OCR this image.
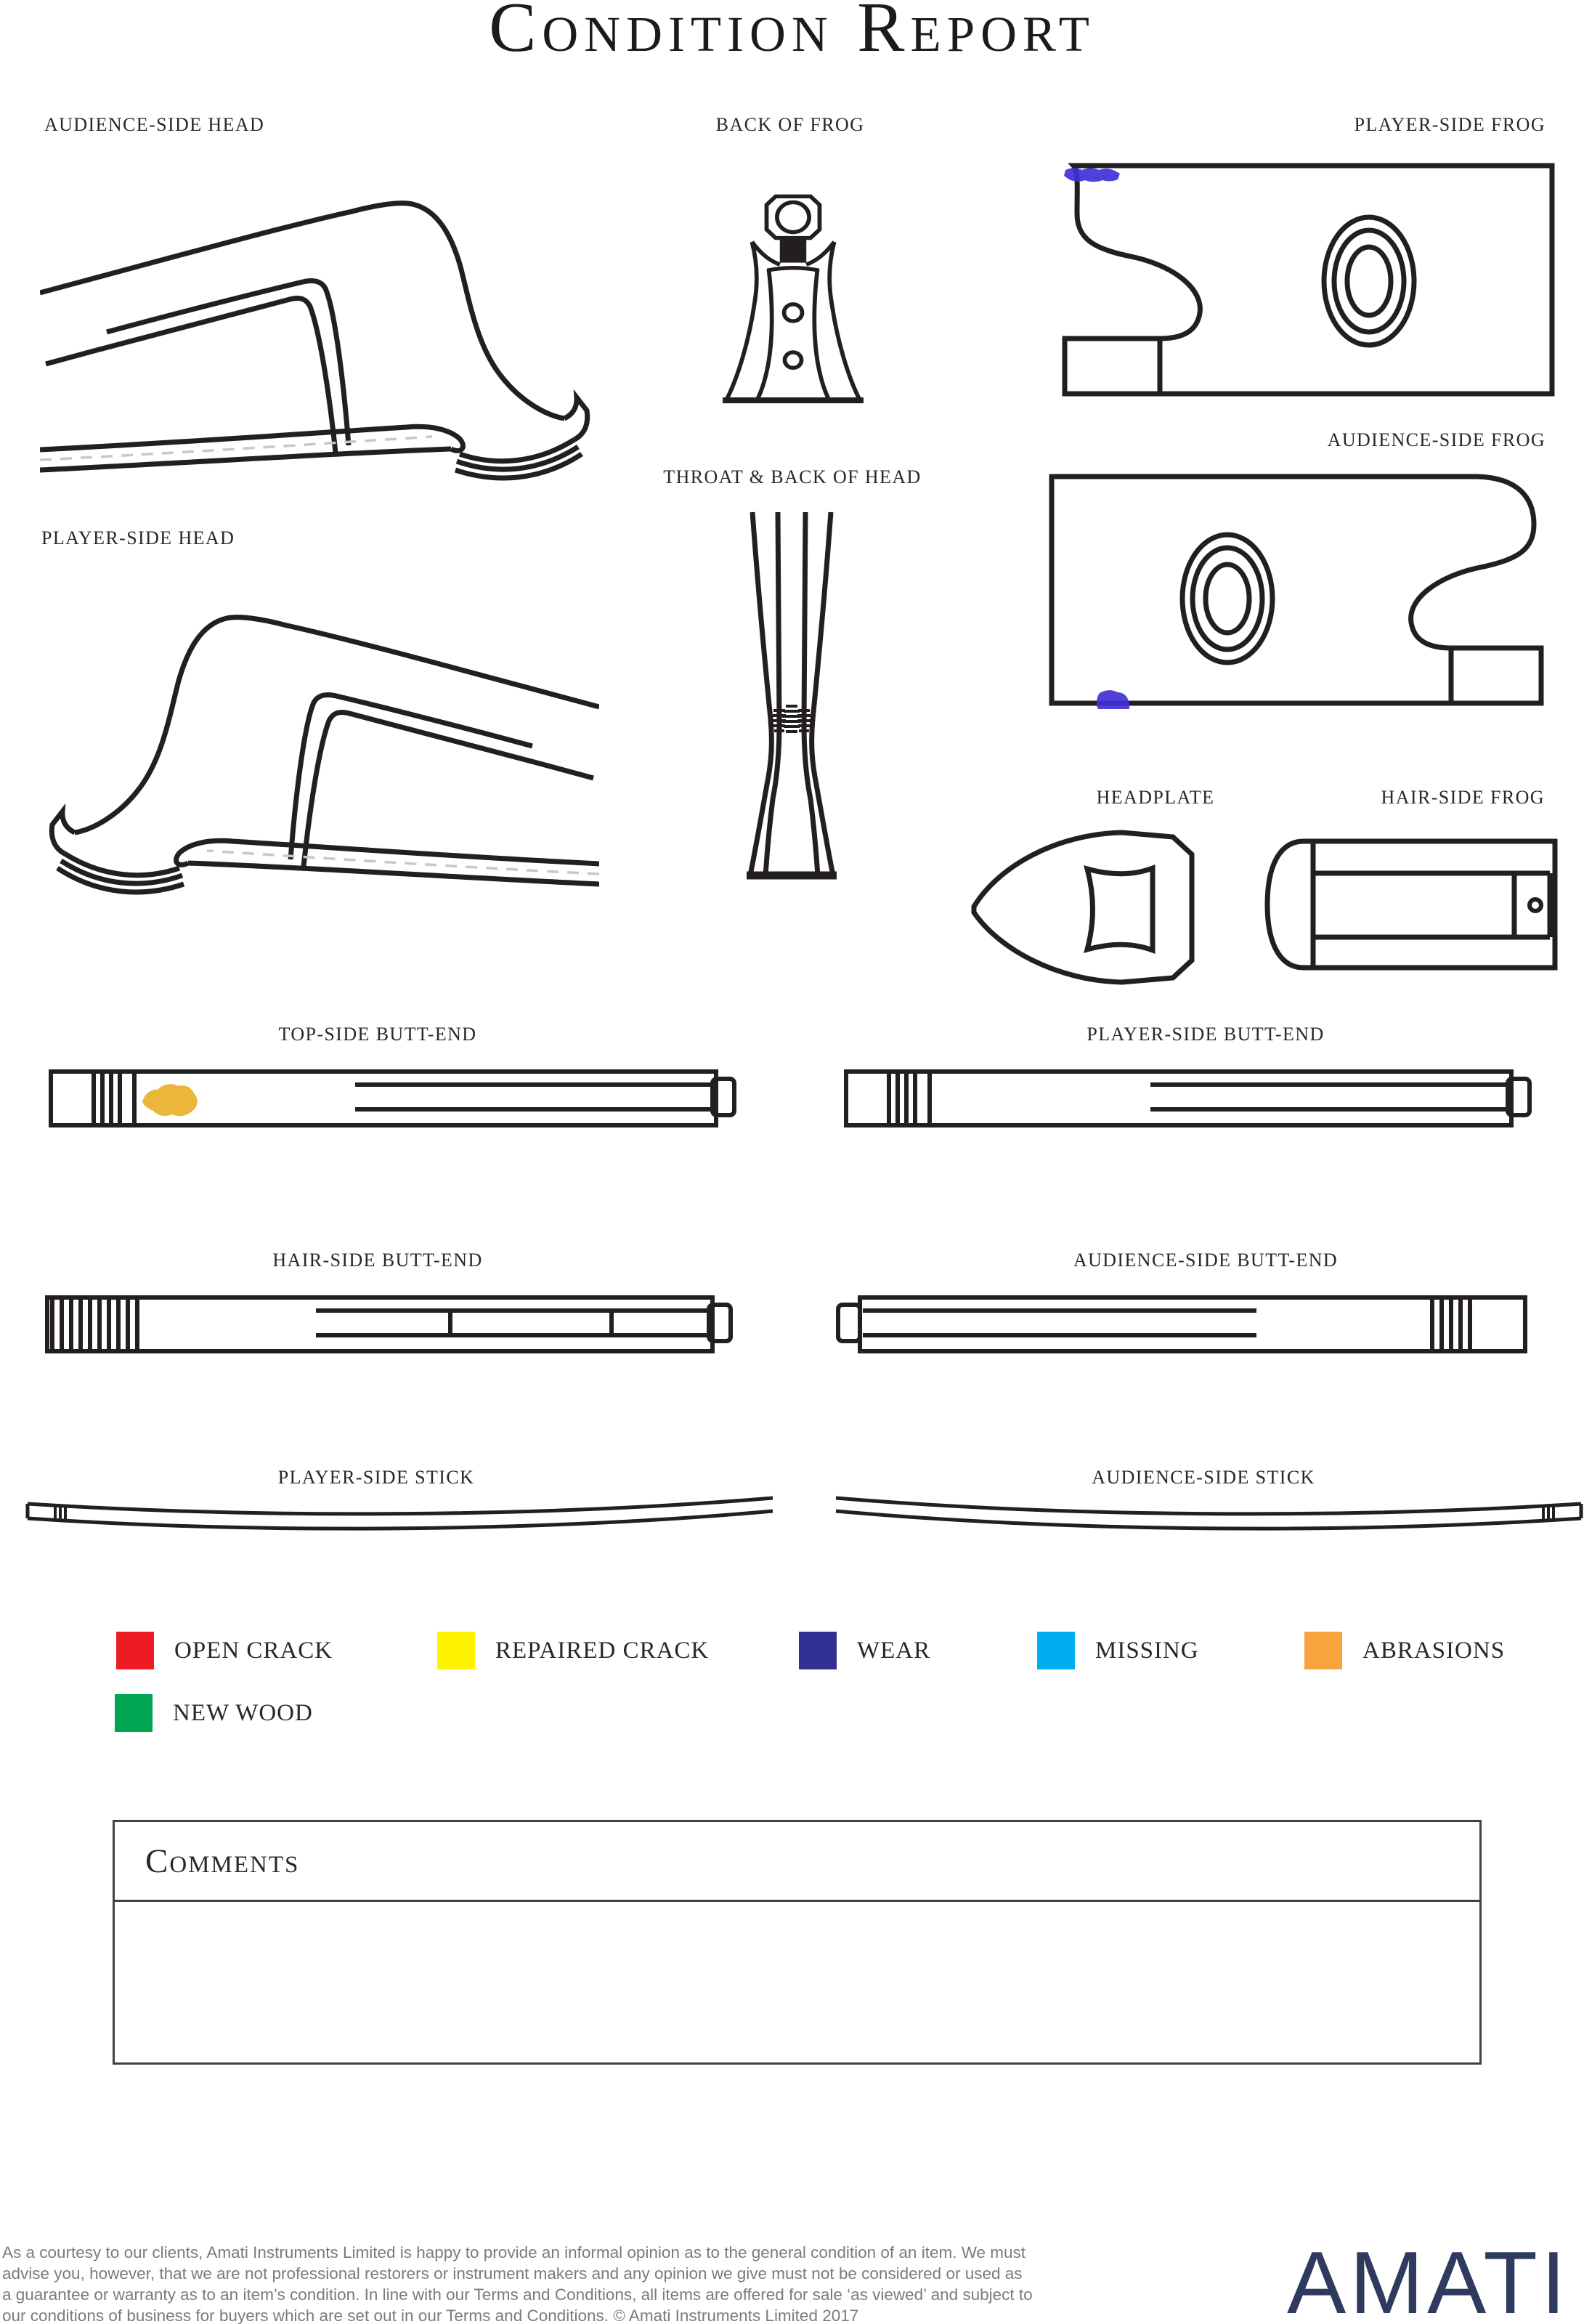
Condition Report
AUDIENCE-SIDE HEAD	BACK OF FROG	PLAYER-SIDE FROG
AUDIENCE-SIDE FROG
PLAYER-SIDE HEAD
THROAT & BACK OF HEAD
HEADPLATE	HAIR-SIDE FROG
TOP-SIDE BUTT-END	PLAYER-SIDE BUTT-END
HAIR-SIDE BUTT-END	AUDIENCE-SIDE BUTT-END
PLAYER-SIDE STICK	AUDIENCE-SIDE STICK
OPEN CRACK	REPAIRED CRACK	WEAR	MISSING	ABRASIONS
NEW WOOD
Comments
As a courtesy to our clients, Amati Instruments Limited is happy to provide an informal opinion as to the general condition of an item. We must
advise you, however, that we are not professional restorers or instrument makers and any opinion we give must not be considered or used as
a guarantee or warranty as to an item’s condition. In line with our Terms and Conditions, all items are offered for sale ‘as viewed’ and subject to
our conditions of business for buyers which are set out in our Terms and Conditions. © Amati Instruments Limited 2017	AMATI
